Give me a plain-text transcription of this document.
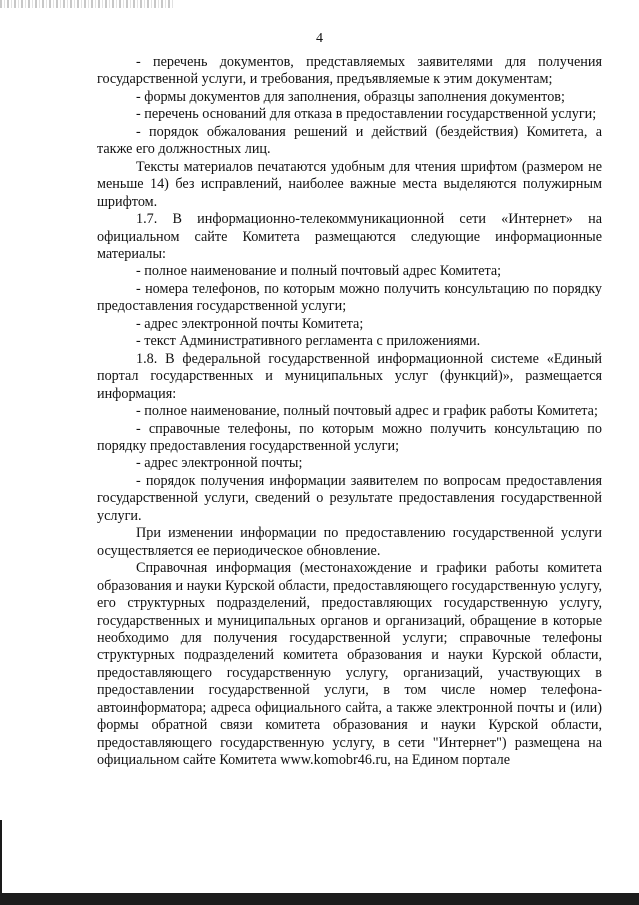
4

- перечень документов, представляемых заявителями для получения государственной услуги, и требования, предъявляемые к этим документам;

- формы документов для заполнения, образцы заполнения документов;

- перечень оснований для отказа в предоставлении государственной услуги;

- порядок обжалования решений и действий (бездействия) Комитета, а также его должностных лиц.

Тексты материалов печатаются удобным для чтения шрифтом (размером не меньше 14) без исправлений, наиболее важные места выделяются полужирным шрифтом.

1.7. В информационно-телекоммуникационной сети «Интернет» на официальном сайте Комитета размещаются следующие информационные материалы:

- полное наименование и полный почтовый адрес Комитета;

- номера телефонов, по которым можно получить консультацию по порядку предоставления государственной услуги;

- адрес электронной почты Комитета;

- текст Административного регламента с приложениями.

1.8. В федеральной государственной информационной системе «Единый портал государственных и муниципальных услуг (функций)», размещается информация:

- полное наименование, полный почтовый адрес и график работы Комитета;

- справочные телефоны, по которым можно получить консультацию по порядку предоставления государственной услуги;

- адрес электронной почты;

- порядок получения информации заявителем по вопросам предоставления государственной услуги, сведений о результате предоставления государственной услуги.

При изменении информации по предоставлению государственной услуги осуществляется ее периодическое обновление.

Справочная информация (местонахождение и графики работы комитета образования и науки Курской области, предоставляющего государственную услугу, его структурных подразделений, предоставляющих государственную услугу, государственных и муниципальных органов и организаций, обращение в которые необходимо для получения государственной услуги; справочные телефоны структурных подразделений комитета образования и науки Курской области, предоставляющего государственную услугу, организаций, участвующих в предоставлении государственной услуги, в том числе номер телефона-автоинформатора; адреса официального сайта, а также электронной почты и (или) формы обратной связи комитета образования и науки Курской области, предоставляющего государственную услугу, в сети "Интернет") размещена на официальном сайте Комитета www.komobr46.ru, на Едином портале
